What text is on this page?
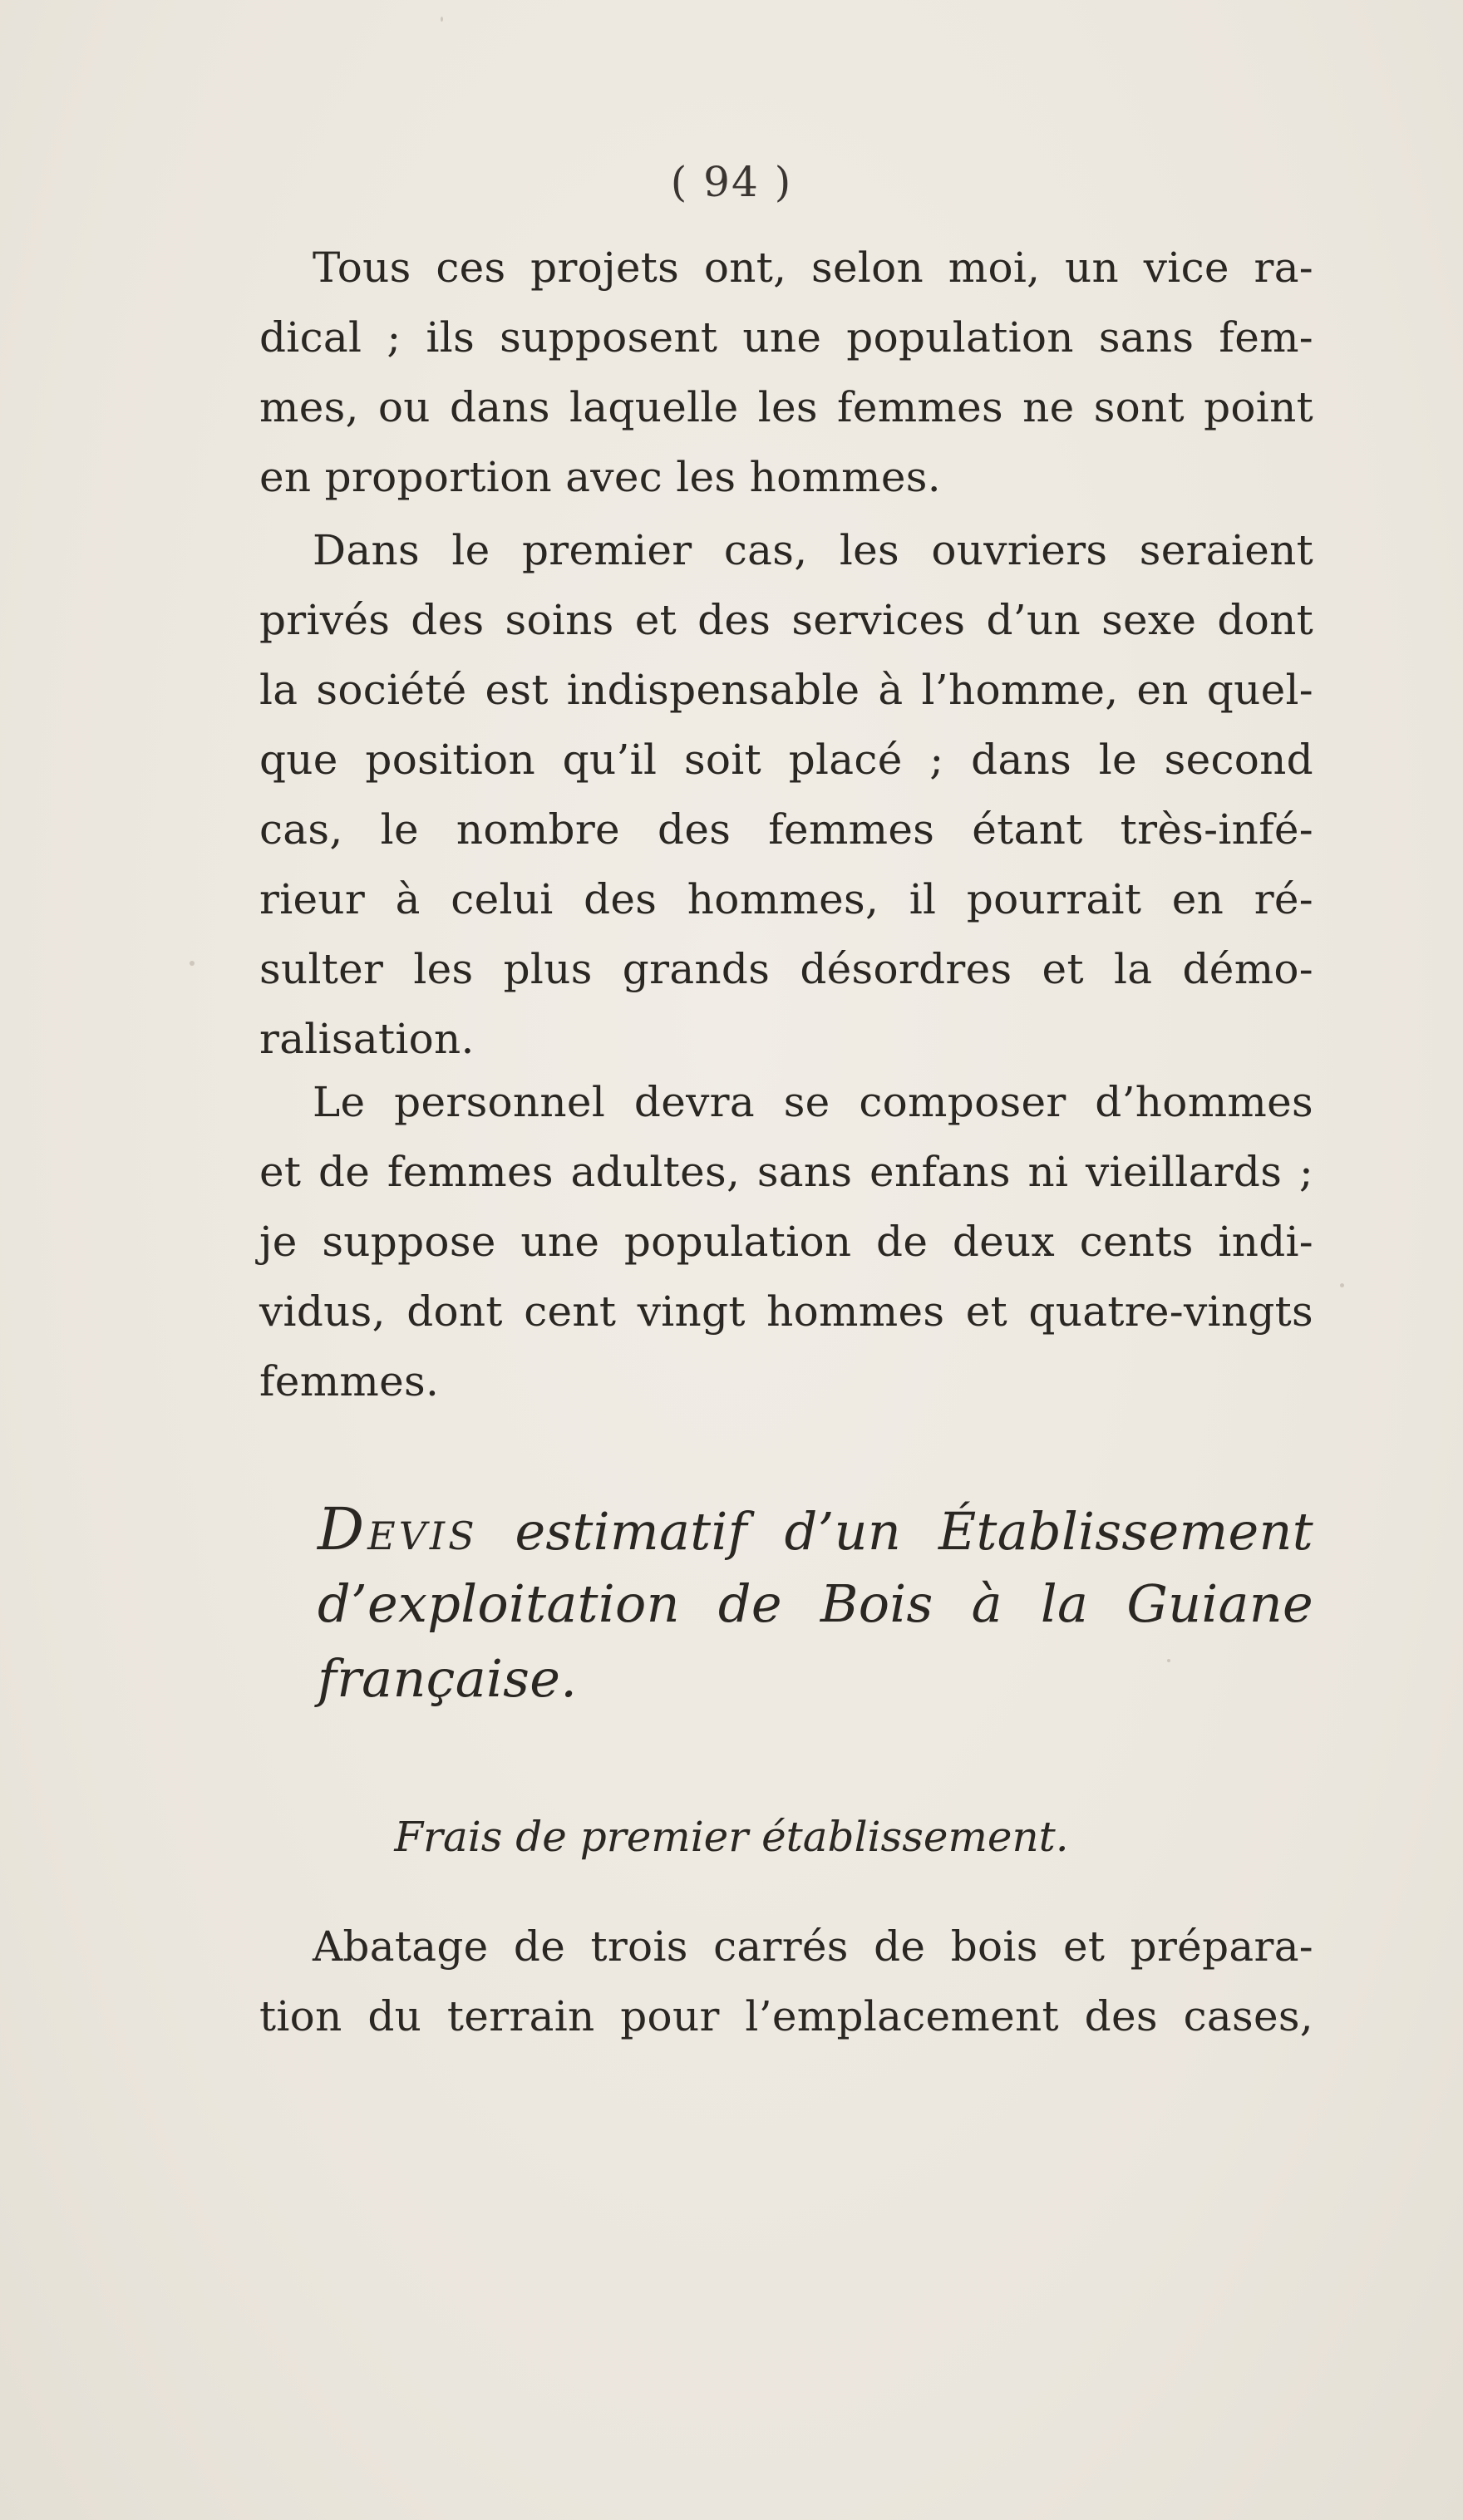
( 94 )
Tous ces projets ont, selon moi, un vice ra-
dical ; ils supposent une population sans fem-
mes, ou dans laquelle les femmes ne sont point
en proportion avec les hommes.
Dans le premier cas, les ouvriers seraient
privés des soins et des services d’un sexe dont
la société est indispensable à l’homme, en quel-
que position qu’il soit placé ; dans le second
cas, le nombre des femmes étant très-infé-
rieur à celui des hommes, il pourrait en ré-
sulter les plus grands désordres et la démo-
ralisation.
Le personnel devra se composer d’hommes
et de femmes adultes, sans enfans ni vieillards ;
je suppose une population de deux cents indi-
vidus, dont cent vingt hommes et quatre-vingts
femmes.
DEVIS estimatif d’un Établissement
d’exploitation de Bois à la Guiane
française.
Frais de premier établissement.
Abatage de trois carrés de bois et prépara-
tion du terrain pour l’emplacement des cases,
